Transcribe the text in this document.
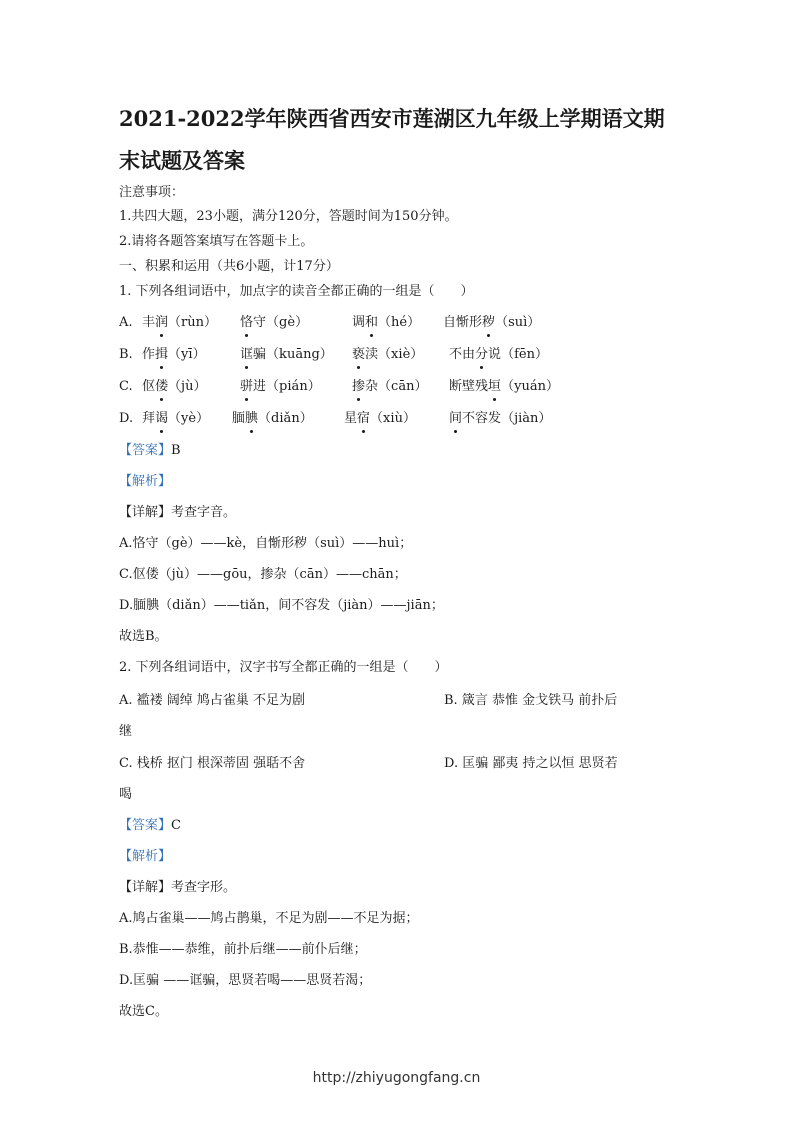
2021-2022学年陕西省西安市莲湖区九年级上学期语文期末试题及答案
注意事项：
1.共四大题，23小题，满分120分，答题时间为150分钟。
2.请将各题答案填写在答题卡上。
一、积累和运用（共6小题，计17分）
1. 下列各组词语中，加点字的读音全都正确的一组是（　　）
A. 丰润（rùn） 恪守（gè）	调和（hé） 自惭形秽（suì）
B. 作揖（yī）	诓骗（kuāng） 亵渎（xiè） 不由分说（fēn）
C. 伛偻（jù）	骈进（pián） 掺杂（cān） 断壁残垣（yuán）
D. 拜谒（yè） 腼腆（diǎn） 星宿（xiù）	间不容发（jiàn）
【答案】B
【解析】
【详解】考查字音。
A.恪守（gè）——kè，自惭形秽（suì）——huì；
C.伛偻（jù）——gōu，掺杂（cān）——chān；
D.腼腆（diǎn）——tiǎn，间不容发（jiàn）——jiān；
故选B。
2. 下列各组词语中，汉字书写全都正确的一组是（　　）
A. 褴褛 阔绰 鸠占雀巢 不足为剧	B. 箴言 恭惟 金戈铁马 前扑后
继
C. 栈桥 抠门 根深蒂固 强聒不舍	D. 匡骗 鄙夷 持之以恒 思贤若
喝
【答案】C
【解析】
【详解】考查字形。
A.鸠占雀巢——鸠占鹊巢，不足为剧——不足为据；
B.恭惟——恭维，前扑后继——前仆后继；
D.匡骗 ——诓骗，思贤若喝——思贤若渴；
故选C。
http://zhiyugongfang.cn
